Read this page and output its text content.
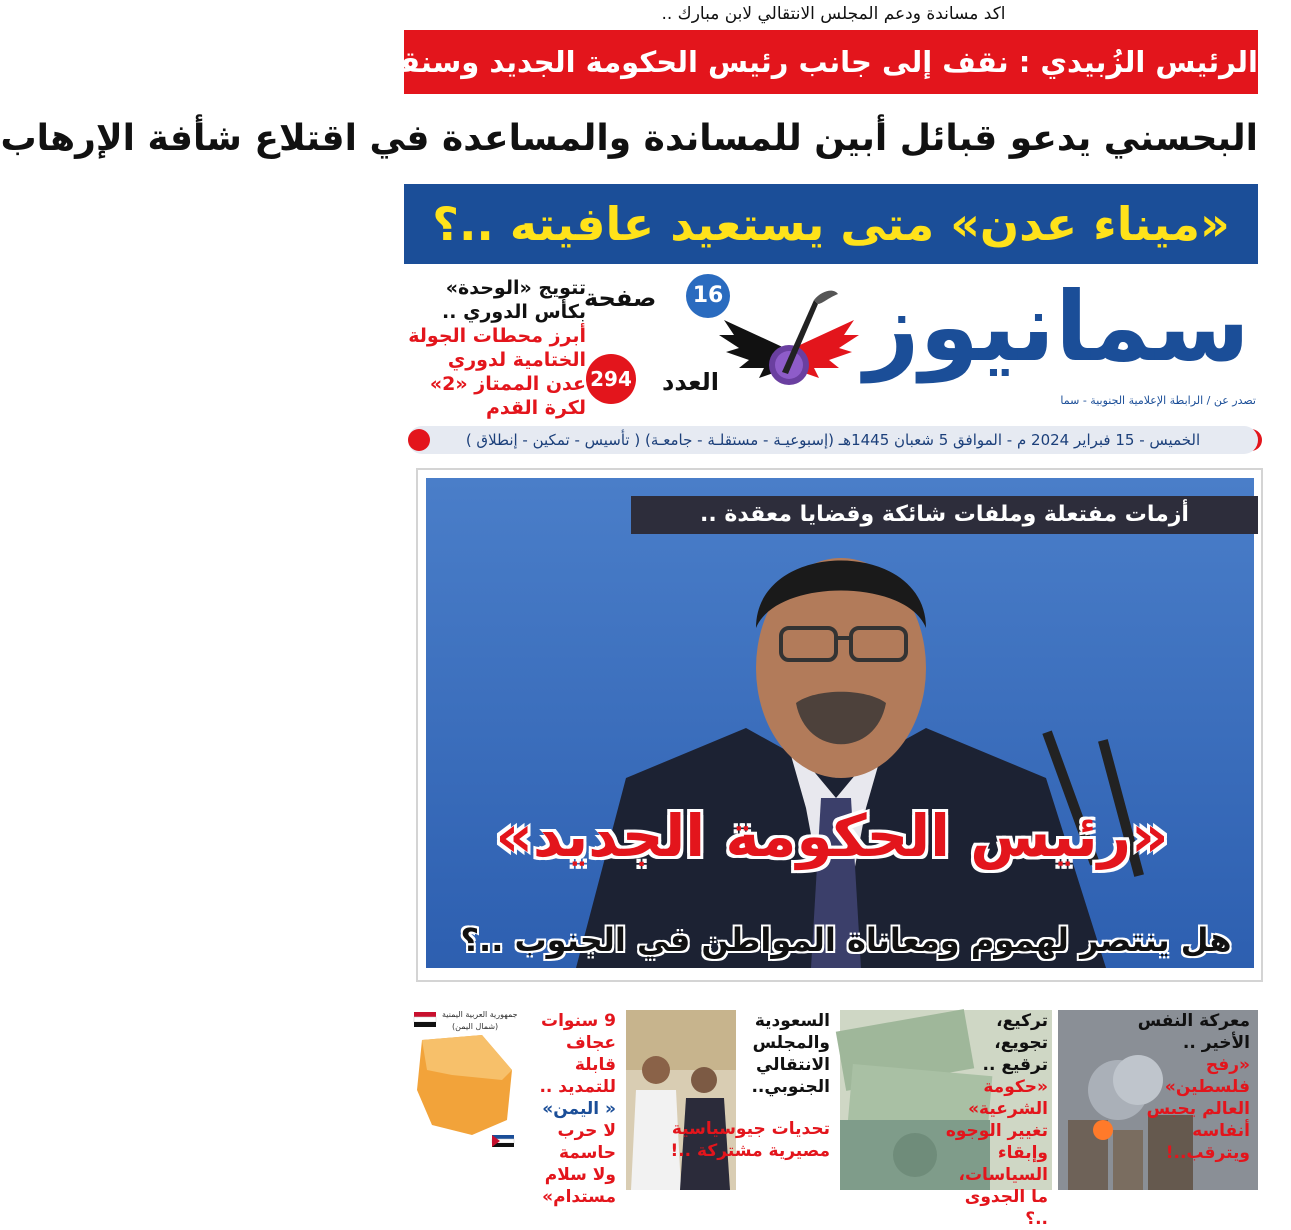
اكد مساندة ودعم المجلس الانتقالي لابن مبارك ..
الرئيس الزُبيدي : نقف إلى جانب رئيس الحكومة الجديد وسنقيّم أداءه باستمرار
البحسني يدعو قبائل أبين للمساندة والمساعدة في اقتلاع شأفة الإرهاب
«ميناء عدن» متى يستعيد عافيته ..؟
تتويج «الوحدة»
بكأس الدوري ..
أبرز محطات الجولة
الختامية لدوري
عدن الممتاز «2»
لكرة القدم
صفحة	16
294 العدد سمانيوز
تصدر عن / الرابطة الإعلامية الجنوبية - سما
الخميس - 15 فبراير 2024 م - الموافق 5 شعبان 1445هـ (إسبوعيـة - مستقلـة - جامعـة) ( تأسيس - تمكين - إنطلاق )
أزمات مفتعلة وملفات شائكة وقضايا معقدة ..
«رئيس الحكومة الجديد»
هل ينتصر لهموم ومعاناة المواطن في الجنوب ..؟
معركة النفس
الأخير ..
«رفح فلسطين»
العالم يحبس
أنفاسه
ويترقب..!
تركيع، تجويع،
ترقيع ..
«حكومة
الشرعية»
تغيير الوجوه
وإبقاء السياسات،
ما الجدوى ..؟
السعودية
والمجلس
الانتقالي
الجنوبي..
تحديات جيوسياسية
مصيرية مشتركة ..!
جمهورية العربية اليمنية
(شمال اليمن)	9 سنوات عجاف
قابلة للتمديد ..
« اليمن»
لا حرب حاسمة
ولا سلام
مستدام»
